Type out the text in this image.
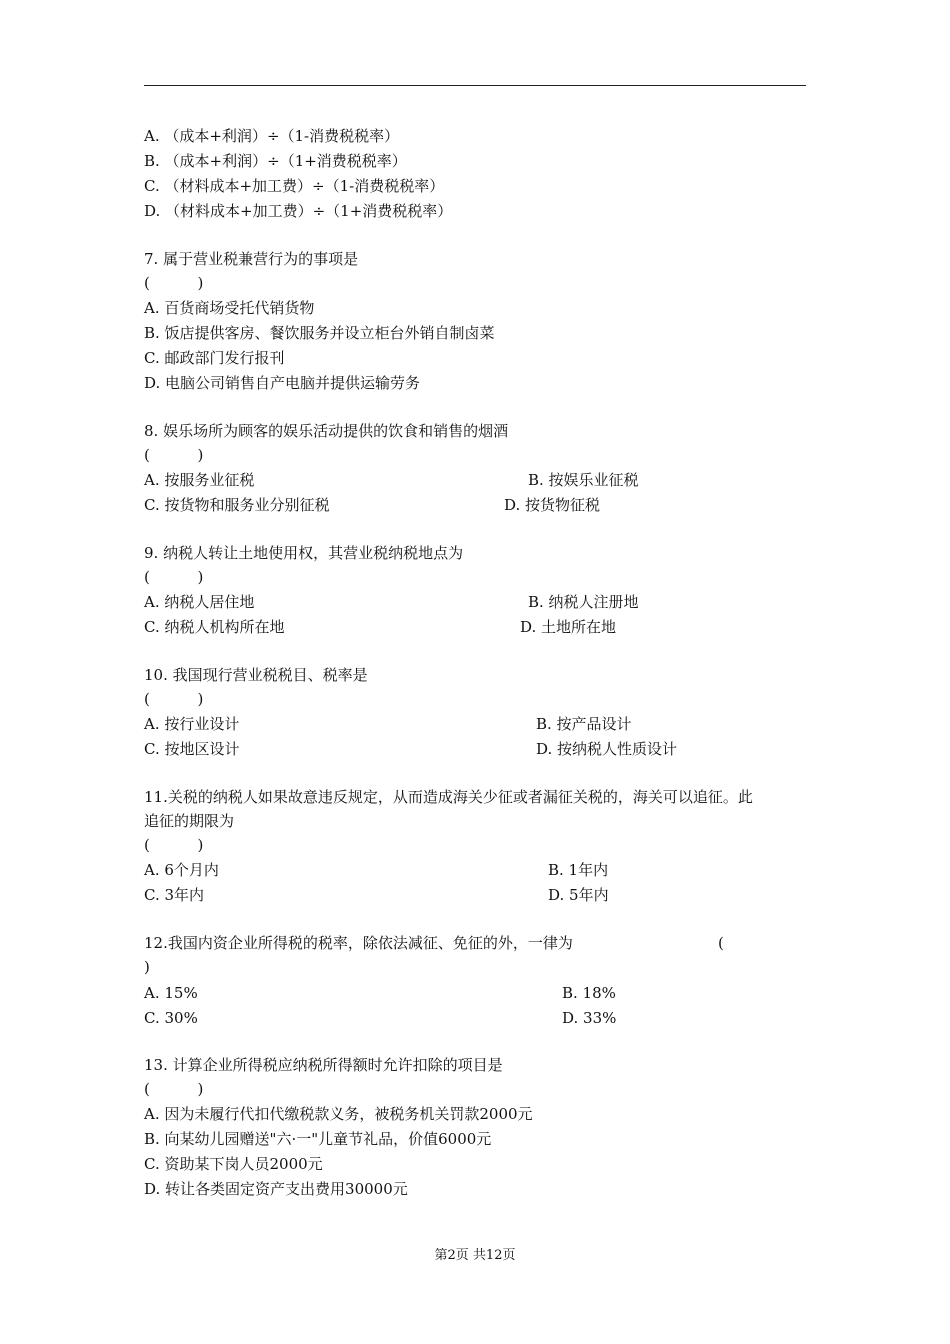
A. （成本+利润）÷（1-消费税税率）
B. （成本+利润）÷（1+消费税税率）
C. （材料成本+加工费）÷（1-消费税税率）
D. （材料成本+加工费）÷（1+消费税税率）
7. 属于营业税兼营行为的事项是
(          )
A. 百货商场受托代销货物
B. 饭店提供客房、餐饮服务并设立柜台外销自制卤菜
C. 邮政部门发行报刊
D. 电脑公司销售自产电脑并提供运输劳务
8. 娱乐场所为顾客的娱乐活动提供的饮食和销售的烟酒
(          )
A. 按服务业征税	B. 按娱乐业征税
C. 按货物和服务业分别征税	D. 按货物征税
9. 纳税人转让土地使用权，其营业税纳税地点为
(          )
A. 纳税人居住地	B. 纳税人注册地
C. 纳税人机构所在地	D. 土地所在地
10. 我国现行营业税税目、税率是
(          )
A. 按行业设计	B. 按产品设计
C. 按地区设计	D. 按纳税人性质设计
11.关税的纳税人如果故意违反规定，从而造成海关少征或者漏征关税的，海关可以追征。此
追征的期限为
(          )
A. 6个月内	B. 1年内
C. 3年内	D. 5年内
12.我国内资企业所得税的税率，除依法减征、免征的外，一律为	(
)
A. 15%	B. 18%
C. 30%	D. 33%
13. 计算企业所得税应纳税所得额时允许扣除的项目是
(          )
A. 因为未履行代扣代缴税款义务，被税务机关罚款2000元
B. 向某幼儿园赠送"六·一"儿童节礼品，价值6000元
C. 资助某下岗人员2000元
D. 转让各类固定资产支出费用30000元
第2页 共12页
